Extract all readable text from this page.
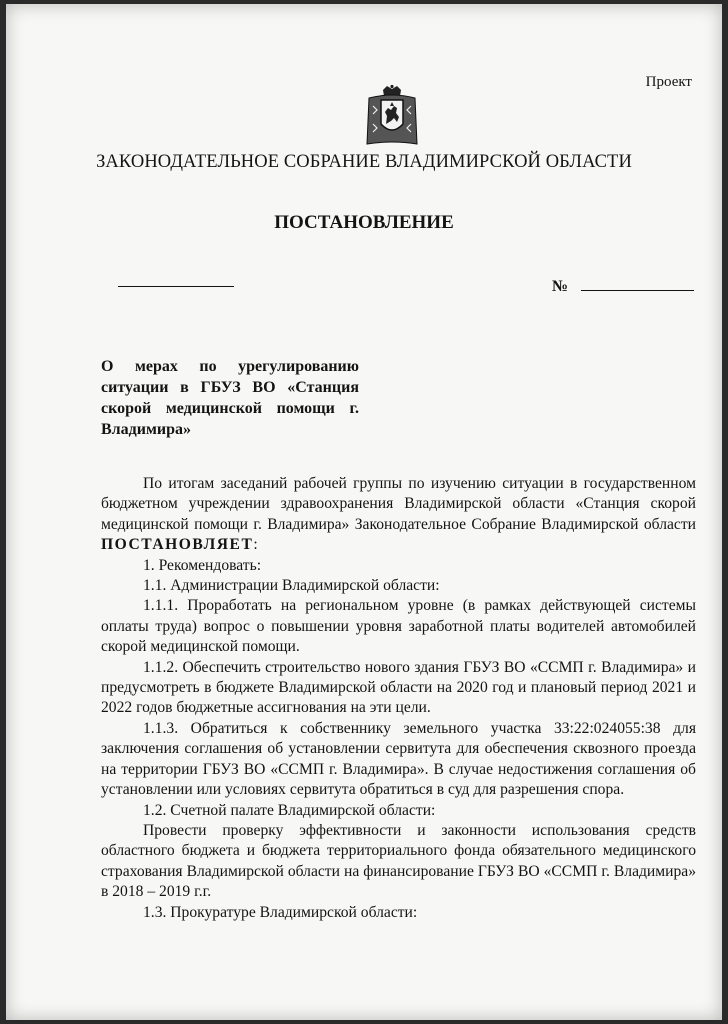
Проект
ЗАКОНОДАТЕЛЬНОЕ СОБРАНИЕ ВЛАДИМИРСКОЙ ОБЛАСТИ
ПОСТАНОВЛЕНИЕ
№
О мерах по урегулированию ситуации в ГБУЗ ВО «Станция скорой медицинской помощи г. Владимира»

По итогам заседаний рабочей группы по изучению ситуации в государственном бюджетном учреждении здравоохранения Владимирской области «Станция скорой медицинской помощи г. Владимира» Законодательное Собрание Владимирской области

ПОСТАНОВЛЯЕТ:

1. Рекомендовать:

1.1. Администрации Владимирской области:

1.1.1. Проработать на региональном уровне (в рамках действующей системы оплаты труда) вопрос о повышении уровня заработной платы водителей автомобилей скорой медицинской помощи.

1.1.2. Обеспечить строительство нового здания ГБУЗ ВО «ССМП г. Владимира» и предусмотреть в бюджете Владимирской области на 2020 год и плановый период 2021 и 2022 годов бюджетные ассигнования на эти цели.

1.1.3. Обратиться к собственнику земельного участка 33:22:024055:38 для заключения соглашения об установлении сервитута для обеспечения сквозного проезда на территории ГБУЗ ВО «ССМП г. Владимира». В случае недостижения соглашения об установлении или условиях сервитута обратиться в суд для разрешения спора.

1.2. Счетной палате Владимирской области:

Провести проверку эффективности и законности использования средств областного бюджета и бюджета территориального фонда обязательного медицинского страхования Владимирской области на финансирование ГБУЗ ВО «ССМП г. Владимира» в 2018 – 2019 г.г.

1.3. Прокуратуре Владимирской области:
